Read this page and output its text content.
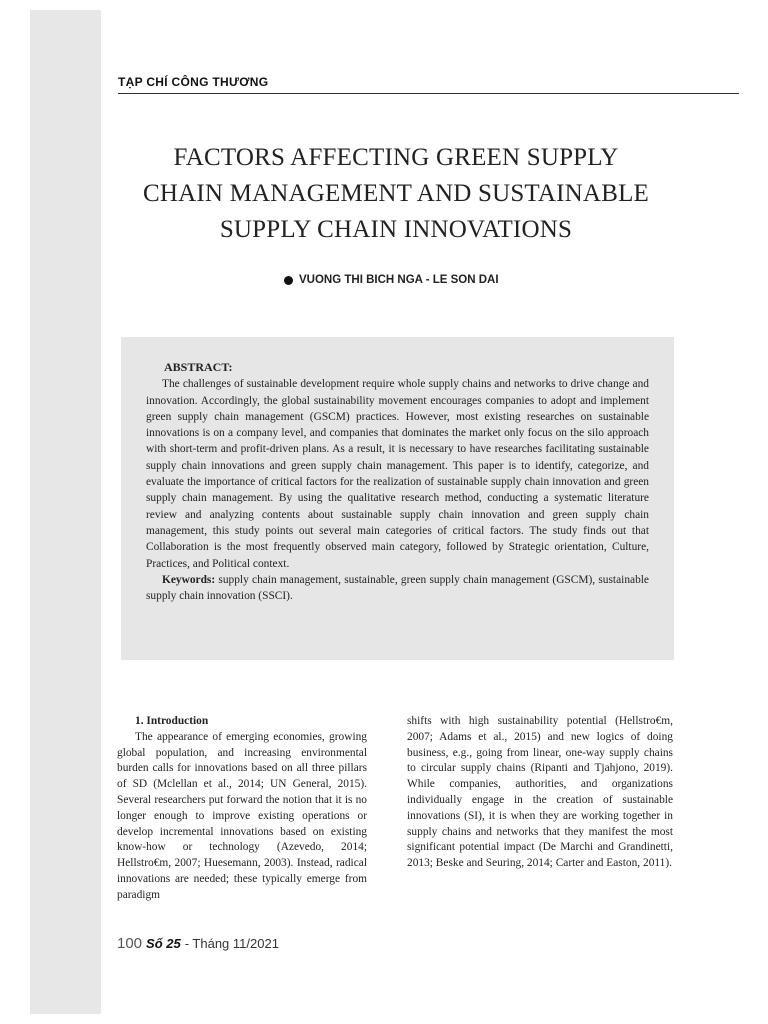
TẠP CHÍ CÔNG THƯƠNG
FACTORS AFFECTING GREEN SUPPLY CHAIN MANAGEMENT AND SUSTAINABLE SUPPLY CHAIN INNOVATIONS
VUONG THI BICH NGA - LE SON DAI
ABSTRACT:

The challenges of sustainable development require whole supply chains and networks to drive change and innovation. Accordingly, the global sustainability movement encourages companies to adopt and implement green supply chain management (GSCM) practices. However, most existing researches on sustainable innovations is on a company level, and companies that dominates the market only focus on the silo approach with short-term and profit-driven plans. As a result, it is necessary to have researches facilitating sustainable supply chain innovations and green supply chain management. This paper is to identify, categorize, and evaluate the importance of critical factors for the realization of sustainable supply chain innovation and green supply chain management. By using the qualitative research method, conducting a systematic literature review and analyzing contents about sustainable supply chain innovation and green supply chain management, this study points out several main categories of critical factors. The study finds out that Collaboration is the most frequently observed main category, followed by Strategic orientation, Culture, Practices, and Political context.

Keywords: supply chain management, sustainable, green supply chain management (GSCM), sustainable supply chain innovation (SSCI).

1. Introduction

The appearance of emerging economies, growing global population, and increasing environmental burden calls for innovations based on all three pillars of SD (Mclellan et al., 2014; UN General, 2015). Several researchers put forward the notion that it is no longer enough to improve existing operations or develop incremental innovations based on existing know-how or technology (Azevedo, 2014; Hellstro€m, 2007; Huesemann, 2003). Instead, radical innovations are needed; these typically emerge from paradigm

shifts with high sustainability potential (Hellstro€m, 2007; Adams et al., 2015) and new logics of doing business, e.g., going from linear, one-way supply chains to circular supply chains (Ripanti and Tjahjono, 2019). While companies, authorities, and organizations individually engage in the creation of sustainable innovations (SI), it is when they are working together in supply chains and networks that they manifest the most significant potential impact (De Marchi and Grandinetti, 2013; Beske and Seuring, 2014; Carter and Easton, 2011).

100 Số 25 - Tháng 11/2021
